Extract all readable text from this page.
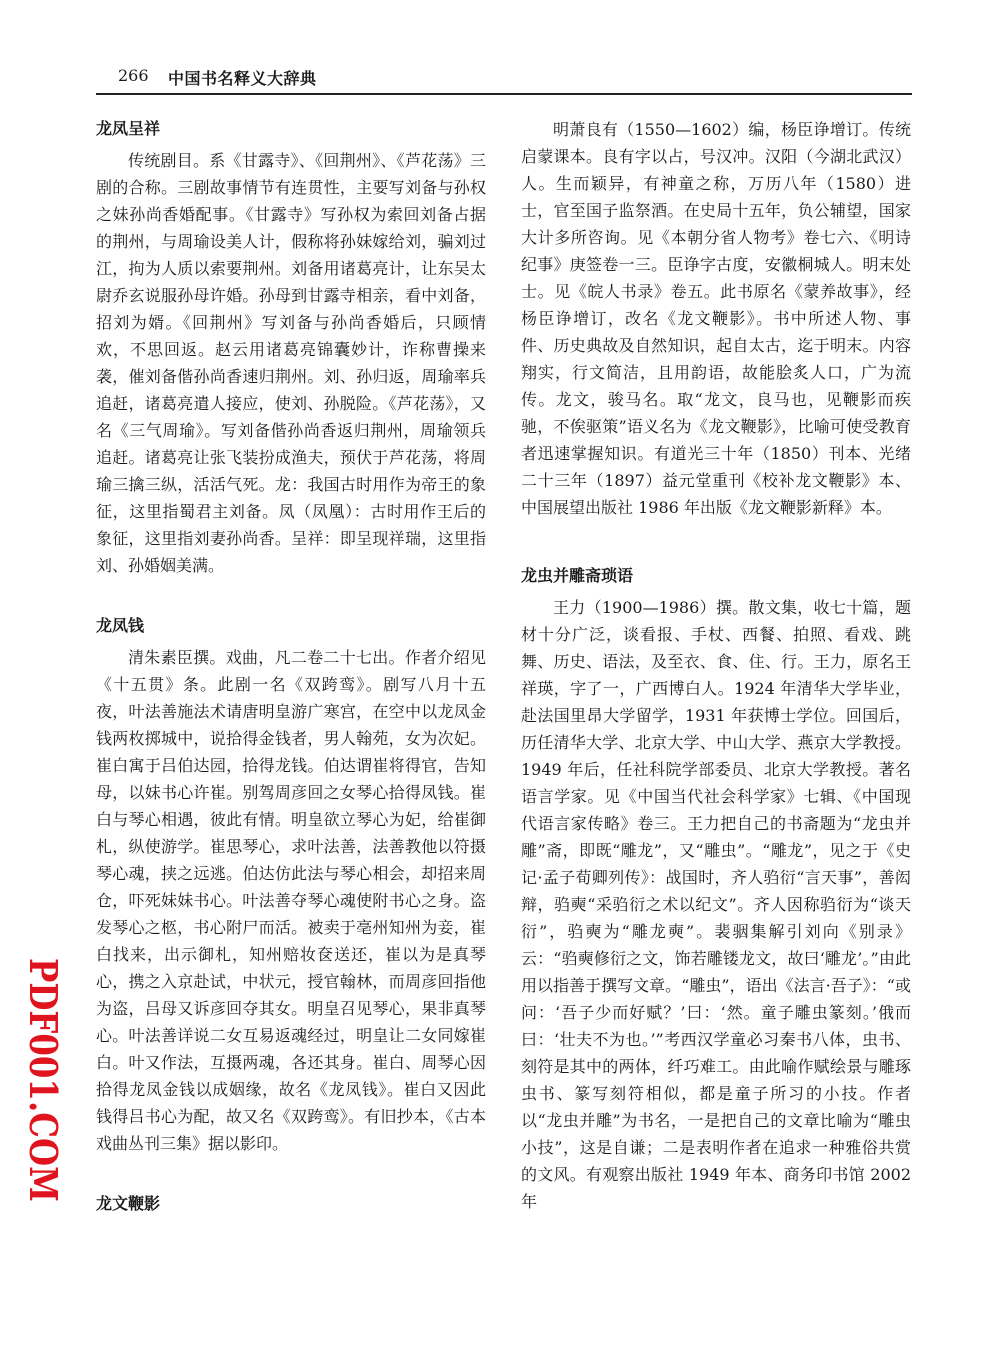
266 中国书名释义大辞典
龙凤呈祥

传统剧目。系《甘露寺》、《回荆州》、《芦花荡》三剧的合称。三剧故事情节有连贯性，主要写刘备与孙权之妹孙尚香婚配事。《甘露寺》写孙权为索回刘备占据的荆州，与周瑜设美人计，假称将孙妹嫁给刘，骗刘过江，拘为人质以索要荆州。刘备用诸葛亮计，让东吴太尉乔玄说服孙母许婚。孙母到甘露寺相亲，看中刘备，招刘为婿。《回荆州》写刘备与孙尚香婚后，只顾情欢，不思回返。赵云用诸葛亮锦囊妙计，诈称曹操来袭，催刘备偕孙尚香速归荆州。刘、孙归返，周瑜率兵追赶，诸葛亮遣人接应，使刘、孙脱险。《芦花荡》，又名《三气周瑜》。写刘备偕孙尚香返归荆州，周瑜领兵追赶。诸葛亮让张飞装扮成渔夫，预伏于芦花荡，将周瑜三擒三纵，活活气死。龙：我国古时用作为帝王的象征，这里指蜀君主刘备。凤（凤凰）：古时用作王后的象征，这里指刘妻孙尚香。呈祥：即呈现祥瑞，这里指刘、孙婚姻美满。

龙凤钱

清朱素臣撰。戏曲，凡二卷二十七出。作者介绍见《十五贯》条。此剧一名《双跨鸾》。剧写八月十五夜，叶法善施法术请唐明皇游广寒宫，在空中以龙凤金钱两枚掷城中，说拾得金钱者，男人翰苑，女为次妃。崔白寓于吕伯达园，拾得龙钱。伯达谓崔将得官，告知母，以妹书心许崔。别驾周彦回之女琴心拾得凤钱。崔白与琴心相遇，彼此有情。明皇欲立琴心为妃，给崔御札，纵使游学。崔思琴心，求叶法善，法善教他以符摄琴心魂，挟之远逃。伯达仿此法与琴心相会，却招来周仓，吓死妹妹书心。叶法善夺琴心魂使附书心之身。盗发琴心之柩，书心附尸而活。被卖于亳州知州为妾，崔白找来，出示御札，知州赔妆奁送还，崔以为是真琴心，携之入京赴试，中状元，授官翰林，而周彦回指他为盗，吕母又诉彦回夺其女。明皇召见琴心，果非真琴心。叶法善详说二女互易返魂经过，明皇让二女同嫁崔白。叶又作法，互摄两魂，各还其身。崔白、周琴心因拾得龙凤金钱以成姻缘，故名《龙凤钱》。崔白又因此钱得吕书心为配，故又名《双跨鸾》。有旧抄本，《古本戏曲丛刊三集》据以影印。

龙文鞭影

明萧良有（1550—1602）编，杨臣诤增订。传统启蒙课本。良有字以占，号汉冲。汉阳（今湖北武汉）人。生而颖异，有神童之称，万历八年（1580）进士，官至国子监祭酒。在史局十五年，负公辅望，国家大计多所咨询。见《本朝分省人物考》卷七六、《明诗纪事》庚签卷一三。臣诤字古度，安徽桐城人。明末处士。见《皖人书录》卷五。此书原名《蒙养故事》，经杨臣诤增订，改名《龙文鞭影》。书中所述人物、事件、历史典故及自然知识，起自太古，迄于明末。内容翔实，行文简洁，且用韵语，故能脍炙人口，广为流传。龙文，骏马名。取“龙文，良马也，见鞭影而疾驰，不俟驱策”语义名为《龙文鞭影》，比喻可使受教育者迅速掌握知识。有道光三十年（1850）刊本、光绪二十三年（1897）益元堂重刊《校补龙文鞭影》本、中国展望出版社 1986 年出版《龙文鞭影新释》本。

龙虫并雕斋琐语

王力（1900—1986）撰。散文集，收七十篇，题材十分广泛，谈看报、手杖、西餐、拍照、看戏、跳舞、历史、语法，及至衣、食、住、行。王力，原名王祥瑛，字了一，广西博白人。1924 年清华大学毕业，赴法国里昂大学留学，1931 年获博士学位。回国后，历任清华大学、北京大学、中山大学、燕京大学教授。1949 年后，任社科院学部委员、北京大学教授。著名语言学家。见《中国当代社会科学家》七辑、《中国现代语言家传略》卷三。王力把自己的书斋题为“龙虫并雕”斋，即既“雕龙”，又“雕虫”。“雕龙”，见之于《史记·孟子荀卿列传》：战国时，齐人驺衍“言天事”，善闳辩，驺奭“采驺衍之术以纪文”。齐人因称驺衍为“谈天衍”，驺奭为“雕龙奭”。裴骃集解引刘向《别录》云：“驺奭修衍之文，饰若雕镂龙文，故曰‘雕龙’。”由此用以指善于撰写文章。“雕虫”，语出《法言·吾子》：“或问：‘吾子少而好赋？’曰：‘然。童子雕虫篆刻。’俄而曰：‘壮夫不为也。’”考西汉学童必习秦书八体，虫书、刻符是其中的两体，纤巧难工。由此喻作赋绘景与雕琢虫书、篆写刻符相似，都是童子所习的小技。作者以“龙虫并雕”为书名，一是把自己的文章比喻为“雕虫小技”，这是自谦；二是表明作者在追求一种雅俗共赏的文风。有观察出版社 1949 年本、商务印书馆 2002 年

PDF001.COM
